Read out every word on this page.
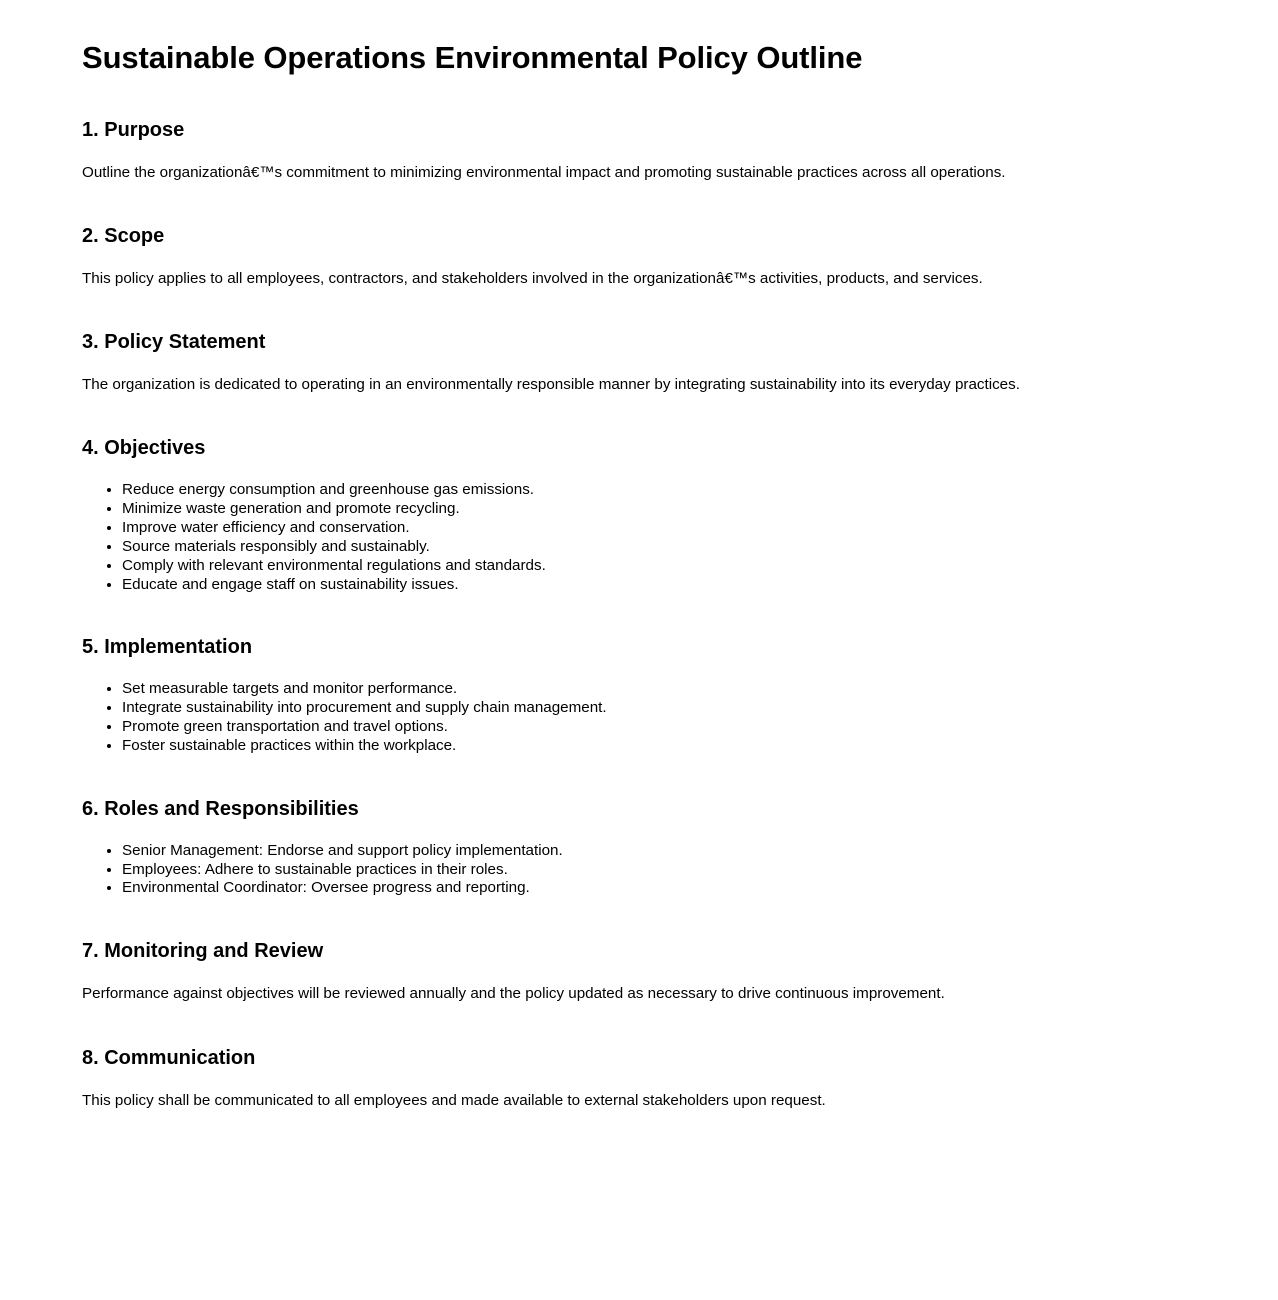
Sustainable Operations Environmental Policy Outline
1. Purpose

Outline the organizationâ€™s commitment to minimizing environmental impact and promoting sustainable practices across all operations.

2. Scope

This policy applies to all employees, contractors, and stakeholders involved in the organizationâ€™s activities, products, and services.

3. Policy Statement

The organization is dedicated to operating in an environmentally responsible manner by integrating sustainability into its everyday practices.

4. Objectives
• Reduce energy consumption and greenhouse gas emissions.
• Minimize waste generation and promote recycling.
• Improve water efficiency and conservation.
• Source materials responsibly and sustainably.
• Comply with relevant environmental regulations and standards.
• Educate and engage staff on sustainability issues.
5. Implementation
• Set measurable targets and monitor performance.
• Integrate sustainability into procurement and supply chain management.
• Promote green transportation and travel options.
• Foster sustainable practices within the workplace.
6. Roles and Responsibilities
• Senior Management: Endorse and support policy implementation.
• Employees: Adhere to sustainable practices in their roles.
• Environmental Coordinator: Oversee progress and reporting.
7. Monitoring and Review

Performance against objectives will be reviewed annually and the policy updated as necessary to drive continuous improvement.

8. Communication

This policy shall be communicated to all employees and made available to external stakeholders upon request.
